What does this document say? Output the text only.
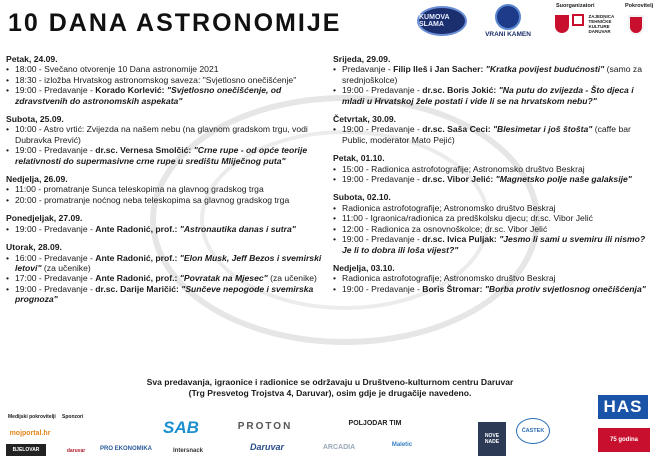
10 DANA ASTRONOMIJE	KUMOVA SLAMA
VRANI KAMEN
Suorganizatori	Pokrovitelj
ZAJEDNICA
TEHNIČKE
KULTURE
DARUVAR
Petak, 24.09.
• 18:00 - Svečano otvorenje 10 Dana astronomije 2021
• 18:30 - izložba Hrvatskog astronomskog saveza: "Svjetlosno onečišćenje"
• 19:00 - Predavanje - Korado Korlević: "Svjetlosno onečišćenje, od zdravstvenih do astronomskih aspekata"
Subota, 25.09.
• 10:00 - Astro vrtić: Zvijezda na našem nebu (na glavnom gradskom trgu, vodi Dubravka Prević)
• 19:00 - Predavanje - dr.sc. Vernesa Smolčić: "Crne rupe - od opće teorije relativnosti do supermasivne crne rupe u središtu Mliječnog puta"
Nedjelja, 26.09.
• 11:00 - promatranje Sunca teleskopima na glavnog gradskog trga
• 20:00 - promatranje noćnog neba teleskopima sa glavnog gradskog trga
Ponedjeljak, 27.09.
• 19:00 - Predavanje - Ante Radonić, prof.: "Astronautika danas i sutra"
Utorak, 28.09.
• 16:00 - Predavanje - Ante Radonić, prof.: "Elon Musk, Jeff Bezos i svemirski letovi" (za učenike)
• 17:00 - Predavanje - Ante Radonić, prof.: "Povratak na Mjesec" (za učenike)
• 19:00 - Predavanje - dr.sc. Darije Maričić: "Sunčeve nepogode i svemirska prognoza"
Srijeda, 29.09.
• Predavanje - Filip Ileš i Jan Sacher: "Kratka povijest budućnosti" (samo za srednjoškolce)
• 19:00 - Predavanje - dr.sc. Boris Jokić: "Na putu do zvijezda - Što djeca i mladi u Hrvatskoj žele postati i vide li se na hrvatskom nebu?"
Četvrtak, 30.09.
• 19:00 - Predavanje - dr.sc. Saša Ceci: "Blesimetar i još štošta" (caffe bar Public, moderator Mato Pejić)
Petak, 01.10.
• 15:00 - Radionica astrofotografije; Astronomsko društvo Beskraj
• 19:00 - Predavanje - dr.sc. Vibor Jelić: "Magnetsko polje naše galaksije"
Subota, 02.10.
• Radionica astrofotografije; Astronomsko društvo Beskraj
• 11:00 - Igraonica/radionica za predškolsku djecu; dr.sc. Vibor Jelić
• 12:00 - Radionica za osnovnoškolce; dr.sc. Vibor Jelić
• 19:00 - Predavanje - dr.sc. Ivica Puljak: "Jesmo li sami u svemiru ili nismo? Je li to dobra ili loša vijest?"
Nedjelja, 03.10.
• Radionica astrofotografije; Astronomsko društvo Beskraj
• 19:00 - Predavanje - Boris Štromar: "Borba protiv svjetlosnog onečišćenja"
Sva predavanja, igraonice i radionice se održavaju u Društveno-kulturnom centru Daruvar
(Trg Presvetog Trojstva 4, Daruvar), osim gdje je drugačije navedeno.
HAS
Medijski pokrovitelji Sponzori
mojportal.hr
BJELOVAR	daruvar	PRO EKONOMIKA
SAB
Intersnack
PROTON
Daruvar
POLJODAR TIM
ARCADIA	Maletic
NOVE NADE
ČASTEK
75 godina
